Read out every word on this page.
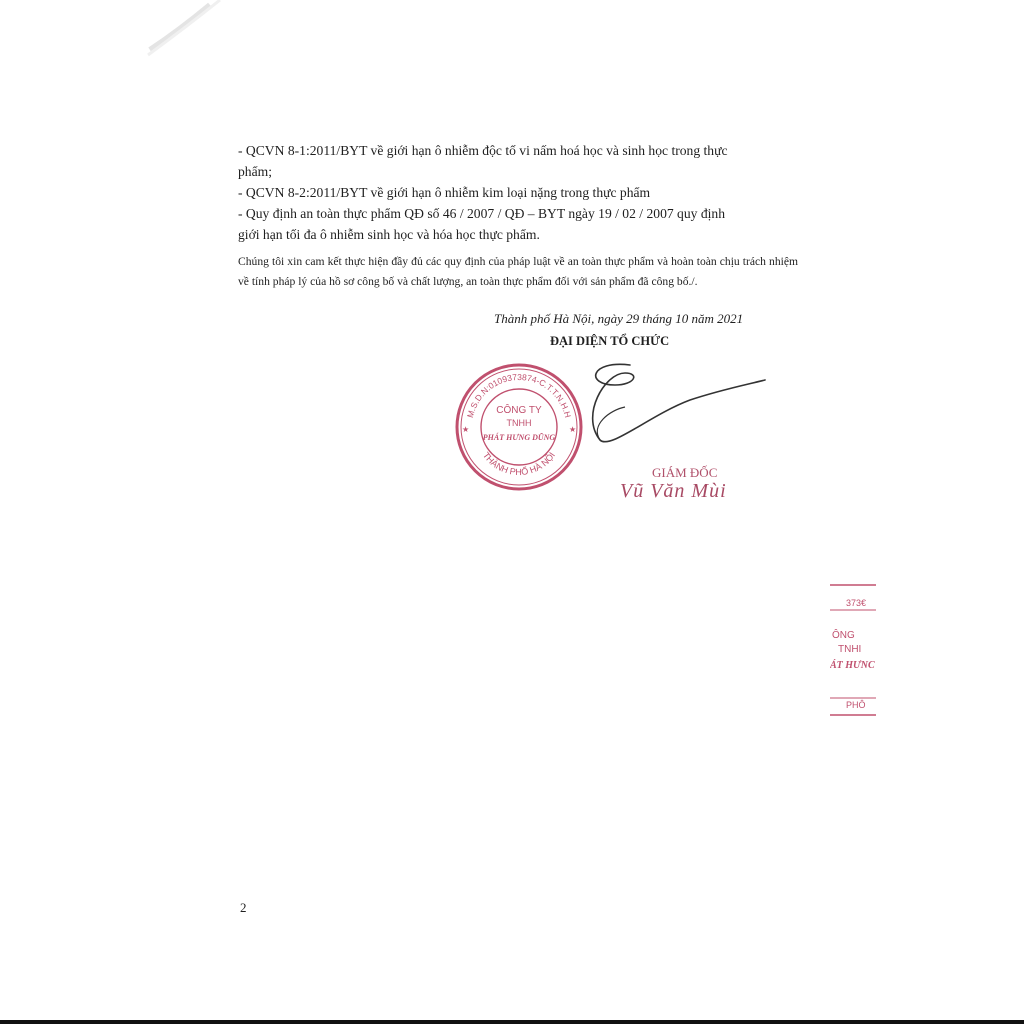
- QCVN 8-1:2011/BYT về giới hạn ô nhiễm độc tố vi nấm hoá học và sinh học trong thực

phẩm;

- QCVN 8-2:2011/BYT về giới hạn ô nhiễm kim loại nặng trong thực phẩm

- Quy định an toàn thực phẩm QĐ số 46 / 2007 / QĐ – BYT ngày 19 / 02 / 2007 quy định

giới hạn tối đa ô nhiễm sinh học và hóa học thực phẩm.

Chúng tôi xin cam kết thực hiện đầy đủ các quy định của pháp luật về an toàn thực phẩm và hoàn toàn chịu trách nhiệm về tính pháp lý của hồ sơ công bố và chất lượng, an toàn thực phẩm đối với sản phẩm đã công bố./.

Thành phố Hà Nội, ngày 29 tháng 10 năm 2021
ĐẠI DIỆN TỔ CHỨC
M.S.D.N:0109373874-C.T.T.N.H.H
THÀNH PHỐ HÀ NỘI
★	★
CÔNG TY
TNHH
PHÁT HƯNG DŨNG
GIÁM ĐỐC
Vũ Văn Mùi
373€
ÔNG
TNHI
ÁT HƯNC
PHÔ
2
